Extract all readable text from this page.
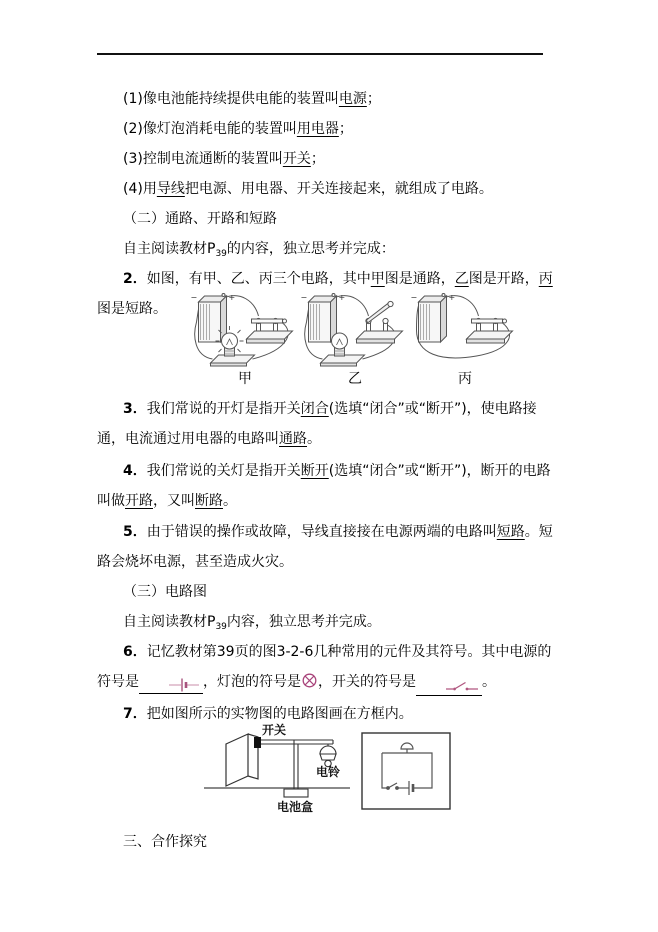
(1)像电池能持续提供电能的装置叫电源；
(2)像灯泡消耗电能的装置叫用电器；
(3)控制电流通断的装置叫开关；
(4)用导线把电源、用电器、开关连接起来，就组成了电路。
（二）通路、开路和短路
自主阅读教材$P_{39}$的内容，独立思考并完成：
2．如图，有甲、乙、丙三个电路，其中甲图是通路，乙图是开路，丙图是短路。
+
−	+
−	+
−
甲	乙	丙
3．我们常说的开灯是指开关闭合(选填“闭合”或“断开”)，使电路接通，电流通过用电器的电路叫通路。
4．我们常说的关灯是指开关断开(选填“闭合”或“断开”)，断开的电路叫做开路，又叫断路。
5．由于错误的操作或故障，导线直接接在电源两端的电路叫短路。短路会烧坏电源，甚至造成火灾。
（三）电路图
自主阅读教材$P_{39}$内容，独立思考并完成。
6．记忆教材第39页的图3-2-6几种常用的元件及其符号。其中电源的符号是	，灯泡的符号是 ，开关的符号是	。
7．把如图所示的实物图的电路图画在方框内。
开关
电铃
电池盒
三、合作探究
